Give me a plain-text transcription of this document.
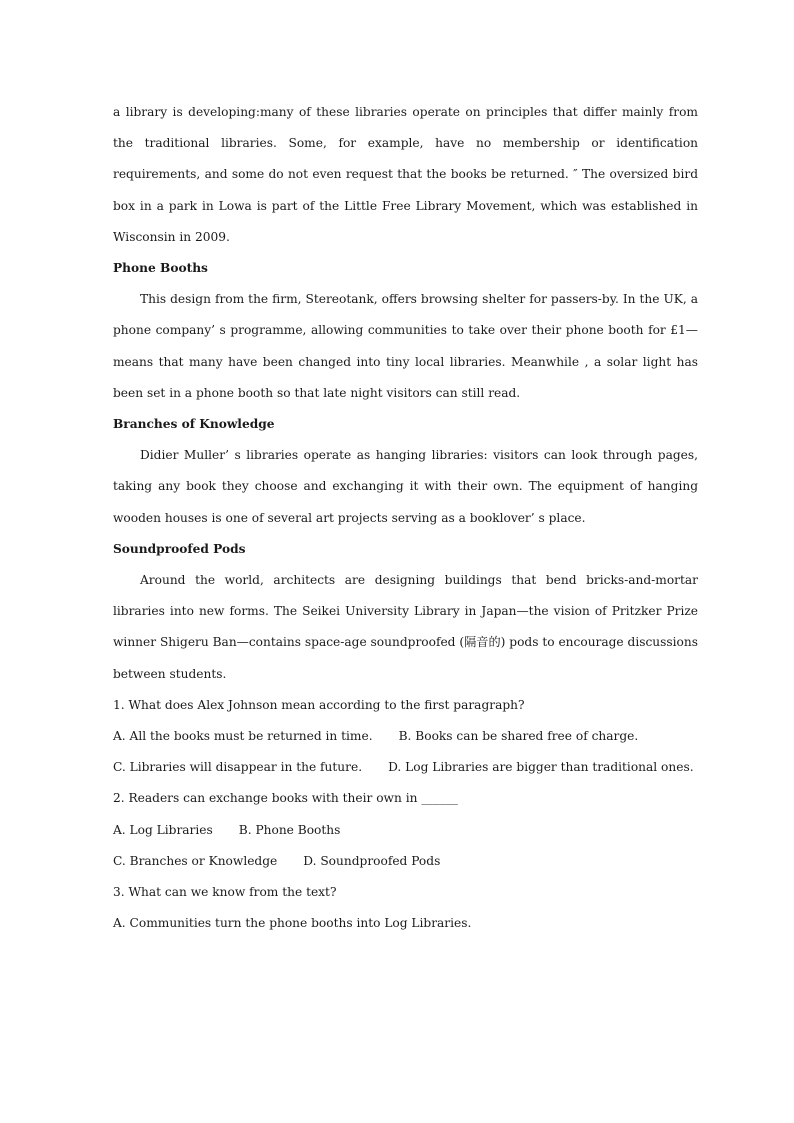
a library is developing:many of these libraries operate on principles that differ mainly from the traditional libraries. Some, for example, have no membership or identification requirements, and some do not even request that the books be returned. ″ The oversized bird box in a park in Lowa is part of the Little Free Library Movement, which was established in Wisconsin in 2009.

Phone Booths

This design from the firm, Stereotank, offers browsing shelter for passers-by. In the UK, a phone company’ s programme, allowing communities to take over their phone booth for £1— means that many have been changed into tiny local libraries. Meanwhile , a solar light has been set in a phone booth so that late night visitors can still read.

Branches of Knowledge

Didier Muller’ s libraries operate as hanging libraries: visitors can look through pages, taking any book they choose and exchanging it with their own. The equipment of hanging wooden houses is one of several art projects serving as a booklover’ s place.

Soundproofed Pods

Around the world, architects are designing buildings that bend bricks-and-mortar libraries into new forms. The Seikei University Library in Japan—the vision of Pritzker Prize winner Shigeru Ban—contains space-age soundproofed (隔音的) pods to encourage discussions between students.

1. What does Alex Johnson mean according to the first paragraph?

A. All the books must be returned in time. B. Books can be shared free of charge.

C. Libraries will disappear in the future. D. Log Libraries are bigger than traditional ones.

2. Readers can exchange books with their own in ______

A. Log Libraries B. Phone Booths

C. Branches or Knowledge D. Soundproofed Pods

3. What can we know from the text?

A. Communities turn the phone booths into Log Libraries.
